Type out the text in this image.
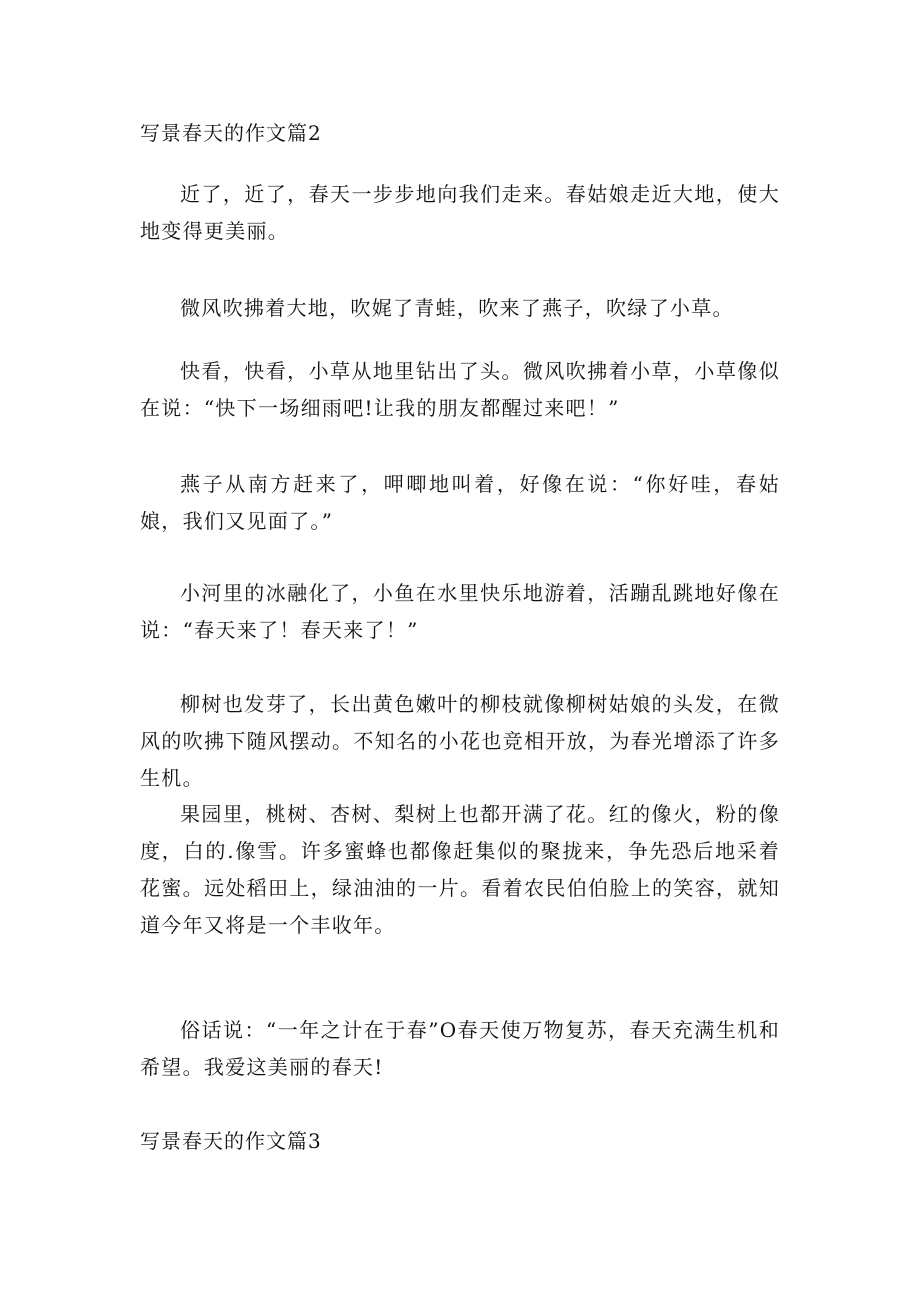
写景春天的作文篇2

近了，近了，春天一步步地向我们走来。春姑娘走近大地，使大地变得更美丽。

微风吹拂着大地，吹娓了青蛙，吹来了燕子，吹绿了小草。

快看，快看，小草从地里钻出了头。微风吹拂着小草，小草像似在说：“快下一场细雨吧!让我的朋友都醒过来吧！”

燕子从南方赶来了，呷唧地叫着，好像在说：“你好哇，春姑娘，我们又见面了。”

小河里的冰融化了，小鱼在水里快乐地游着，活蹦乱跳地好像在说：“春天来了！春天来了！”

柳树也发芽了，长出黄色嫩叶的柳枝就像柳树姑娘的头发，在微风的吹拂下随风摆动。不知名的小花也竞相开放，为春光增添了许多生机。

果园里，桃树、杏树、梨树上也都开满了花。红的像火，粉的像度，白的.像雪。许多蜜蜂也都像赶集似的聚拢来，争先恐后地采着花蜜。远处稻田上，绿油油的一片。看着农民伯伯脸上的笑容，就知道今年又将是一个丰收年。

俗话说：“一年之计在于春”O春天使万物复苏，春天充满生机和希望。我爱这美丽的春天!

写景春天的作文篇3
